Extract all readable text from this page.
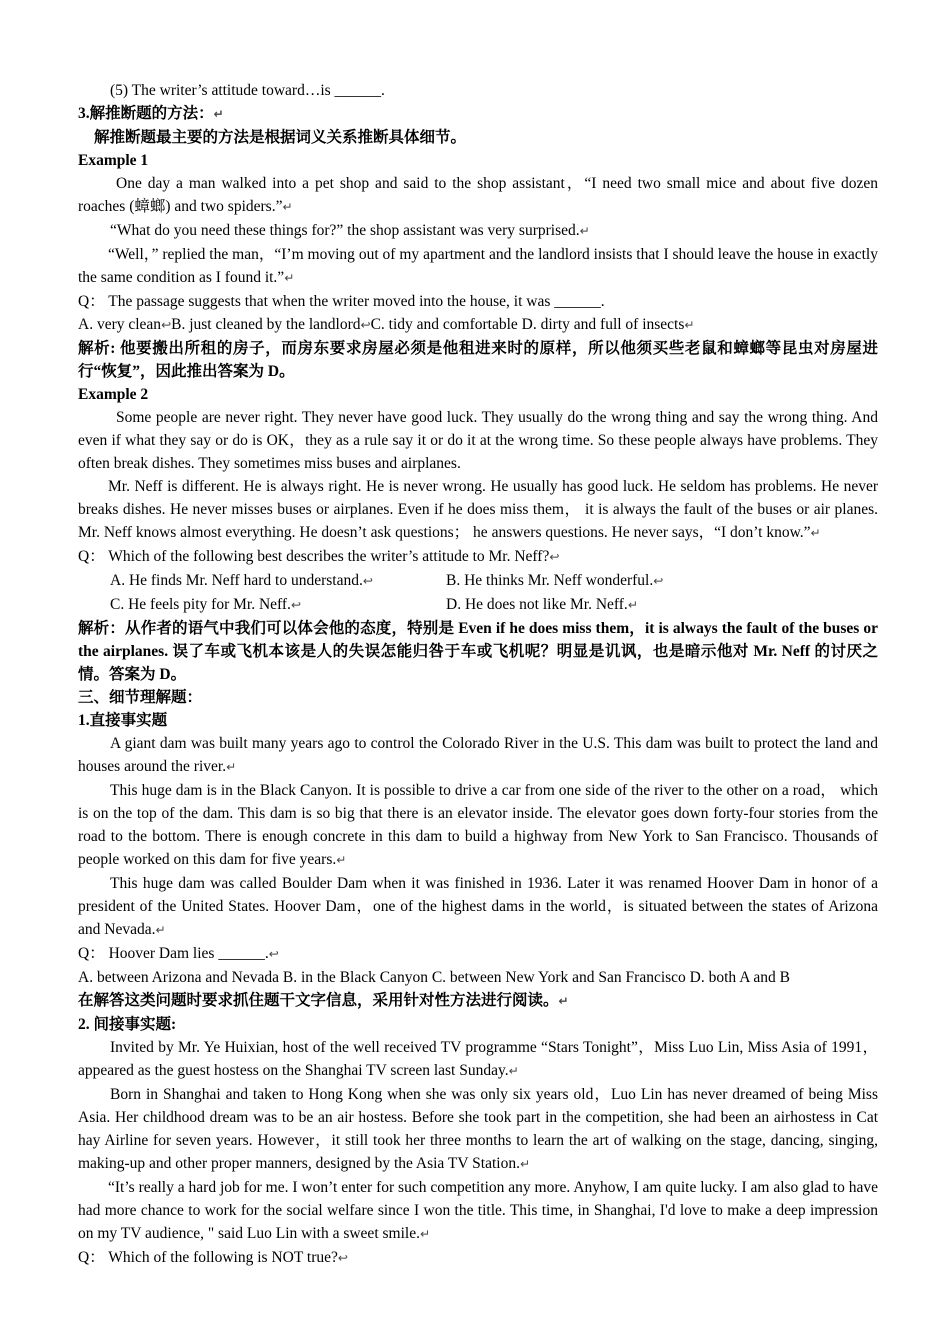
(5) The writer’s attitude toward…is ______.

3.解推断题的方法：↵

解推断题最主要的方法是根据词义关系推断具体细节。

Example 1

One day a man walked into a pet shop and said to the shop assistant，“I need two small mice and about five dozen roaches (蟑螂) and two spiders.”↵

“What do you need these things for?” the shop assistant was very surprised.↵

“Well，” replied the man，“I’m moving out of my apartment and the landlord insists that I should leave the house in exactly the same condition as I found it.”↵

Q： The passage suggests that when the writer moved into the house, it was ______.

A. very clean↩B. just cleaned by the landlord↩C. tidy and comfortable D. dirty and full of insects↵

解析: 他要搬出所租的房子，而房东要求房屋必须是他租进来时的原样，所以他须买些老鼠和蟑螂等昆虫对房屋进行“恢复”，因此推出答案为 D。

Example 2

Some people are never right. They never have good luck. They usually do the wrong thing and say the wrong thing. And even if what they say or do is OK，they as a rule say it or do it at the wrong time. So these people always have problems. They often break dishes. They sometimes miss buses and airplanes.

Mr. Neff is different. He is always right. He is never wrong. He usually has good luck. He seldom has problems. He never breaks dishes. He never misses buses or airplanes. Even if he does miss them， it is always the fault of the buses or air planes. Mr. Neff knows almost everything. He doesn’t ask questions； he answers questions. He never says，“I don’t know.”↵

Q： Which of the following best describes the writer’s attitude to Mr. Neff?↩

A. He finds Mr. Neff hard to understand.↩	B. He thinks Mr. Neff wonderful.↩
C. He feels pity for Mr. Neff.↩	D. He does not like Mr. Neff.↵

解析：从作者的语气中我们可以体会他的态度，特别是 Even if he does miss them，it is always the fault of the buses or the airplanes. 误了车或飞机本该是人的失误怎能归咎于车或飞机呢？明显是讥讽，也是暗示他对 Mr. Neff 的讨厌之情。答案为 D。

三、细节理解题：

1.直接事实题

A giant dam was built many years ago to control the Colorado River in the U.S. This dam was built to protect the land and houses around the river.↵

This huge dam is in the Black Canyon. It is possible to drive a car from one side of the river to the other on a road， which is on the top of the dam. This dam is so big that there is an elevator inside. The elevator goes down forty-four stories from the road to the bottom. There is enough concrete in this dam to build a highway from New York to San Francisco. Thousands of people worked on this dam for five years.↵

This huge dam was called Boulder Dam when it was finished in 1936. Later it was renamed Hoover Dam in honor of a president of the United States. Hoover Dam，one of the highest dams in the world，is situated between the states of Arizona and Nevada.↵

Q： Hoover Dam lies ______.↩

A. between Arizona and Nevada B. in the Black Canyon C. between New York and San Francisco D. both A and B

在解答这类问题时要求抓住题干文字信息，采用针对性方法进行阅读。↵

2. 间接事实题:

Invited by Mr. Ye Huixian, host of the well received TV programme “Stars Tonight”，Miss Luo Lin, Miss Asia of 1991，appeared as the guest hostess on the Shanghai TV screen last Sunday.↵

Born in Shanghai and taken to Hong Kong when she was only six years old，Luo Lin has never dreamed of being Miss Asia. Her childhood dream was to be an air hostess. Before she took part in the competition, she had been an airhostess in Cat hay Airline for seven years. However，it still took her three months to learn the art of walking on the stage, dancing, singing, making-up and other proper manners, designed by the Asia TV Station.↵

“It’s really a hard job for me. I won’t enter for such competition any more. Anyhow, I am quite lucky. I am also glad to have had more chance to work for the social welfare since I won the title. This time, in Shanghai, I'd love to make a deep impression on my TV audience, " said Luo Lin with a sweet smile.↵

Q： Which of the following is NOT true?↩
